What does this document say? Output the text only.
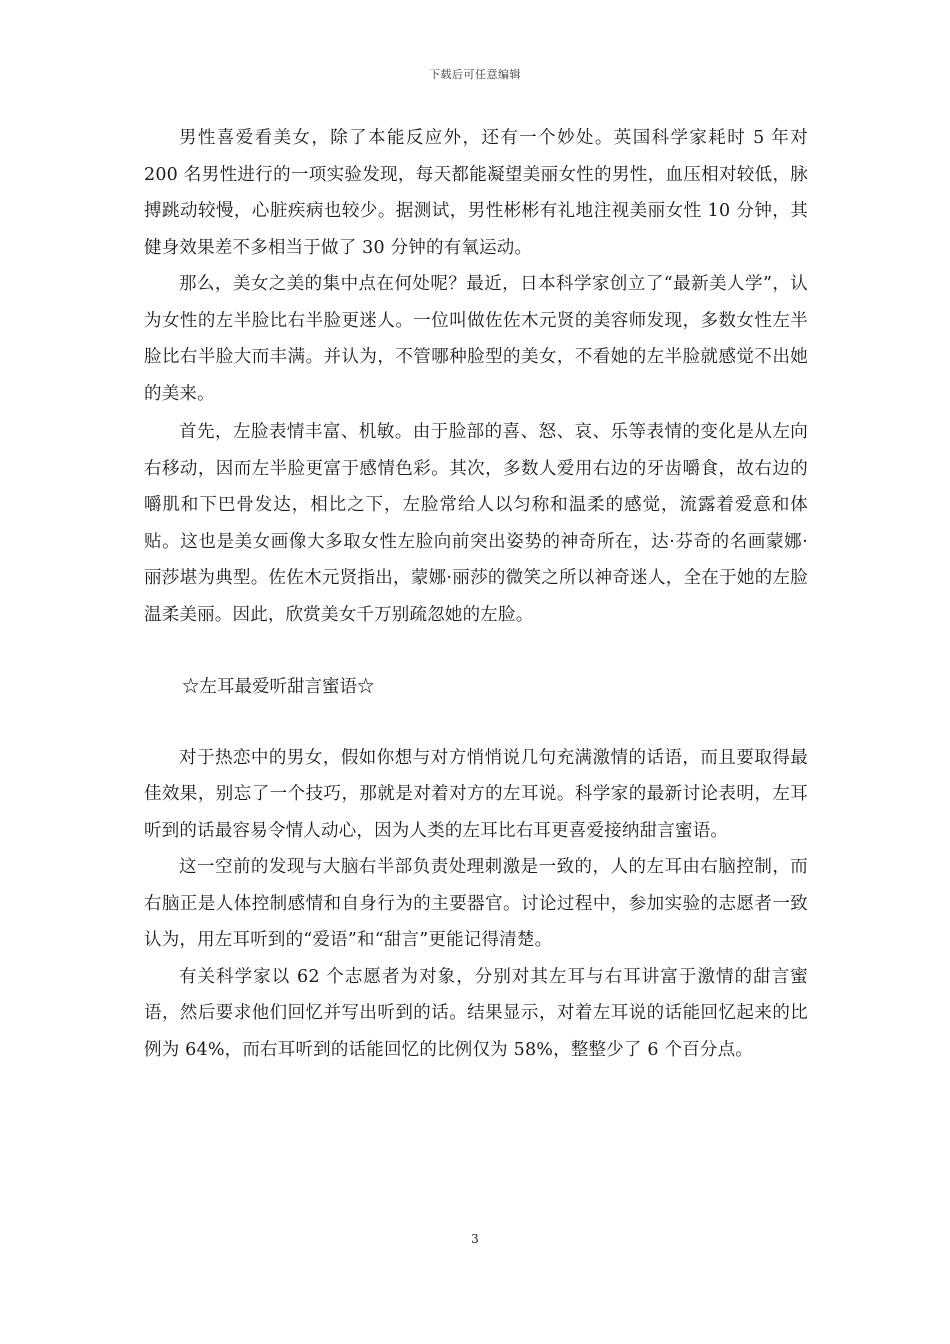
下载后可任意编辑

男性喜爱看美女，除了本能反应外，还有一个妙处。英国科学家耗时 5 年对 200 名男性进行的一项实验发现，每天都能凝望美丽女性的男性，血压相对较低，脉搏跳动较慢，心脏疾病也较少。据测试，男性彬彬有礼地注视美丽女性 10 分钟，其健身效果差不多相当于做了 30 分钟的有氧运动。

那么，美女之美的集中点在何处呢？最近，日本科学家创立了“最新美人学”，认为女性的左半脸比右半脸更迷人。一位叫做佐佐木元贤的美容师发现，多数女性左半脸比右半脸大而丰满。并认为，不管哪种脸型的美女，不看她的左半脸就感觉不出她的美来。

首先，左脸表情丰富、机敏。由于脸部的喜、怒、哀、乐等表情的变化是从左向右移动，因而左半脸更富于感情色彩。其次，多数人爱用右边的牙齿嚼食，故右边的嚼肌和下巴骨发达，相比之下，左脸常给人以匀称和温柔的感觉，流露着爱意和体贴。这也是美女画像大多取女性左脸向前突出姿势的神奇所在，达·芬奇的名画蒙娜·丽莎堪为典型。佐佐木元贤指出，蒙娜·丽莎的微笑之所以神奇迷人，全在于她的左脸温柔美丽。因此，欣赏美女千万别疏忽她的左脸。

☆左耳最爱听甜言蜜语☆

对于热恋中的男女，假如你想与对方悄悄说几句充满激情的话语，而且要取得最佳效果，别忘了一个技巧，那就是对着对方的左耳说。科学家的最新讨论表明，左耳听到的话最容易令情人动心，因为人类的左耳比右耳更喜爱接纳甜言蜜语。

这一空前的发现与大脑右半部负责处理刺激是一致的，人的左耳由右脑控制，而右脑正是人体控制感情和自身行为的主要器官。讨论过程中，参加实验的志愿者一致认为，用左耳听到的“爱语”和“甜言”更能记得清楚。

有关科学家以 62 个志愿者为对象，分别对其左耳与右耳讲富于激情的甜言蜜语，然后要求他们回忆并写出听到的话。结果显示，对着左耳说的话能回忆起来的比例为 64%，而右耳听到的话能回忆的比例仅为 58%，整整少了 6 个百分点。

3
